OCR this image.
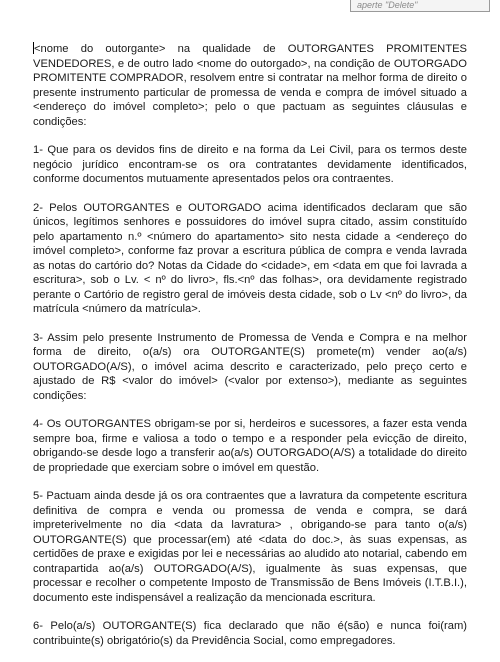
aperte "Delete"

<nome do outorgante> na qualidade de OUTORGANTES PROMITENTES VENDEDORES, e de outro lado <nome do outorgado>, na condição de OUTORGADO PROMITENTE COMPRADOR, resolvem entre si contratar na melhor forma de direito o presente instrumento particular de promessa de venda e compra de imóvel situado a <endereço do imóvel completo>; pelo o que pactuam as seguintes cláusulas e condições:

1- Que para os devidos fins de direito e na forma da Lei Civil, para os termos deste negócio jurídico encontram-se os ora contratantes devidamente identificados, conforme documentos mutuamente apresentados pelos ora contraentes.

2- Pelos OUTORGANTES e OUTORGADO acima identificados declaram que são únicos, legítimos senhores e possuidores do imóvel supra citado, assim constituído pelo apartamento n.º <número do apartamento> sito nesta cidade a <endereço do imóvel completo>, conforme faz provar a escritura pública de compra e venda lavrada as notas do cartório do? Notas da Cidade do <cidade>, em <data em que foi lavrada a escritura>, sob o Lv. < nº do livro>, fls.<nº das folhas>, ora devidamente registrado perante o Cartório de registro geral de imóveis desta cidade, sob o Lv <nº do livro>, da matrícula <número da matrícula>.

3- Assim pelo presente Instrumento de Promessa de Venda e Compra e na melhor forma de direito, o(a/s) ora OUTORGANTE(S) promete(m) vender ao(a/s) OUTORGADO(A/S), o imóvel acima descrito e caracterizado, pelo preço certo e ajustado de R$ <valor do imóvel> (<valor por extenso>), mediante as seguintes condições:

4- Os OUTORGANTES obrigam-se por si, herdeiros e sucessores, a fazer esta venda sempre boa, firme e valiosa a todo o tempo e a responder pela evicção de direito, obrigando-se desde logo a transferir ao(a/s) OUTORGADO(A/S) a totalidade do direito de propriedade que exerciam sobre o imóvel em questão.

5- Pactuam ainda desde já os ora contraentes que a lavratura da competente escritura definitiva de compra e venda ou promessa de venda e compra, se dará impreterivelmente no dia <data da lavratura> , obrigando-se para tanto o(a/s) OUTORGANTE(S) que processar(em) até <data do doc.>, às suas expensas, as certidões de praxe e exigidas por lei e necessárias ao aludido ato notarial, cabendo em contrapartida ao(a/s) OUTORGADO(A/S), igualmente às suas expensas, que processar e recolher o competente Imposto de Transmissão de Bens Imóveis (I.T.B.I.), documento este indispensável a realização da mencionada escritura.

6- Pelo(a/s) OUTORGANTE(S) fica declarado que não é(são) e nunca foi(ram) contribuinte(s) obrigatório(s) da Previdência Social, como empregadores.
